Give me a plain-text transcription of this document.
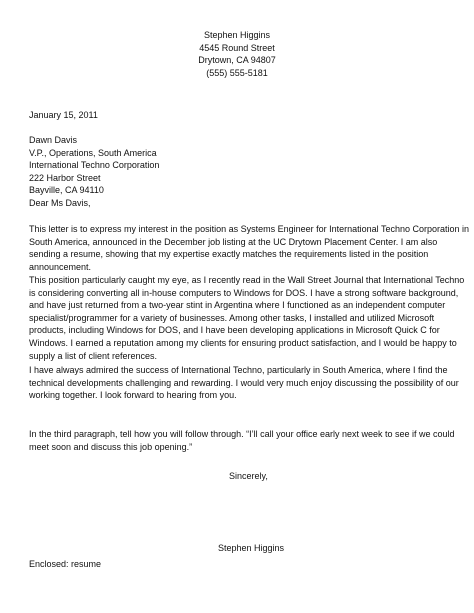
Stephen Higgins
4545 Round Street
Drytown, CA 94807
(555) 555-5181
January 15, 2011
Dawn Davis
V.P., Operations, South America
International Techno Corporation
222 Harbor Street
Bayville, CA 94110
Dear Ms Davis,
This letter is to express my interest in the position as Systems Engineer for International Techno Corporation in
South America, announced in the December job listing at the UC Drytown Placement Center. I am also
sending a resume, showing that my expertise exactly matches the requirements listed in the position
announcement.
This position particularly caught my eye, as I recently read in the Wall Street Journal that International Techno
is considering converting all in-house computers to Windows for DOS. I have a strong software background,
and have just returned from a two-year stint in Argentina where I functioned as an independent computer
specialist/programmer for a variety of businesses. Among other tasks, I installed and utilized Microsoft
products, including Windows for DOS, and I have been developing applications in Microsoft Quick C for
Windows. I earned a reputation among my clients for ensuring product satisfaction, and I would be happy to
supply a list of client references.
I have always admired the success of International Techno, particularly in South America, where I find the
technical developments challenging and rewarding. I would very much enjoy discussing the possibility of our
working together. I look forward to hearing from you.
In the third paragraph, tell how you will follow through. “I’ll call your office early next week to see if we could
meet soon and discuss this job opening.”
Sincerely,
Stephen Higgins
Enclosed: resume
